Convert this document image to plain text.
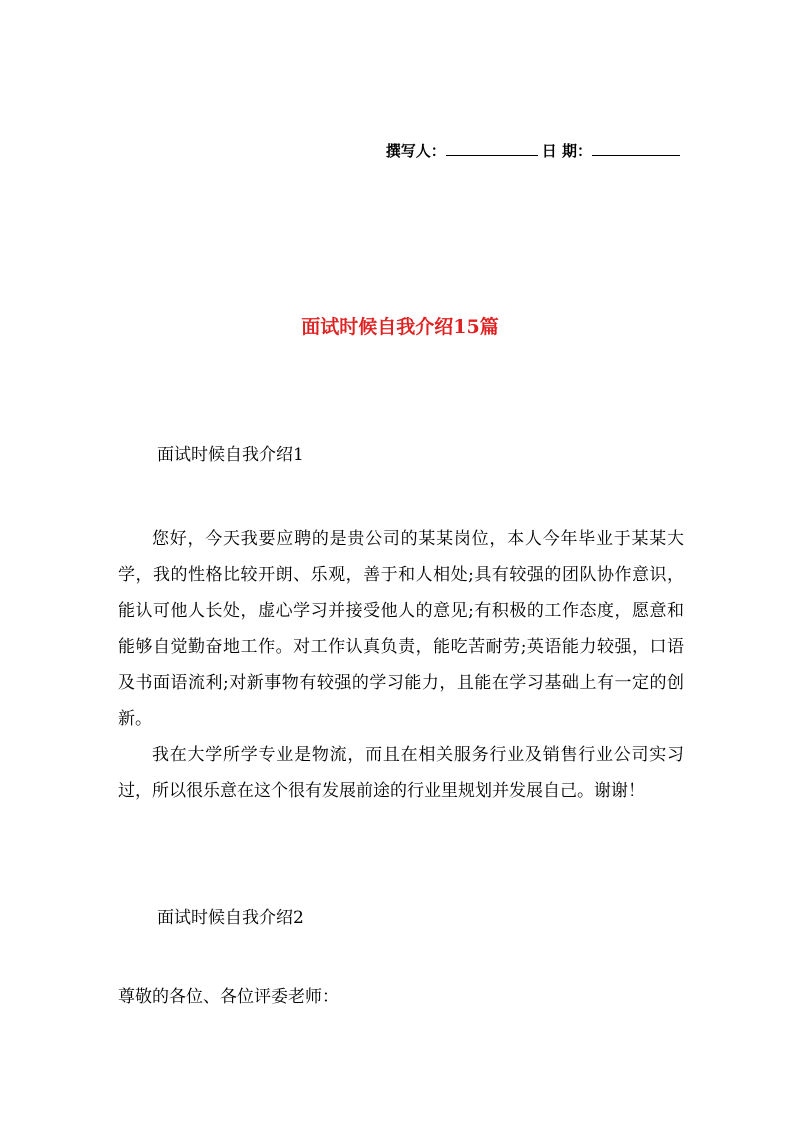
撰写人：	日 期：
面试时候自我介绍15篇
面试时候自我介绍1

您好，今天我要应聘的是贵公司的某某岗位，本人今年毕业于某某大学，我的性格比较开朗、乐观，善于和人相处;具有较强的团队协作意识，能认可他人长处，虚心学习并接受他人的意见;有积极的工作态度，愿意和能够自觉勤奋地工作。对工作认真负责，能吃苦耐劳;英语能力较强，口语及书面语流利;对新事物有较强的学习能力，且能在学习基础上有一定的创新。

我在大学所学专业是物流，而且在相关服务行业及销售行业公司实习过，所以很乐意在这个很有发展前途的行业里规划并发展自己。谢谢！

面试时候自我介绍2
尊敬的各位、各位评委老师：
